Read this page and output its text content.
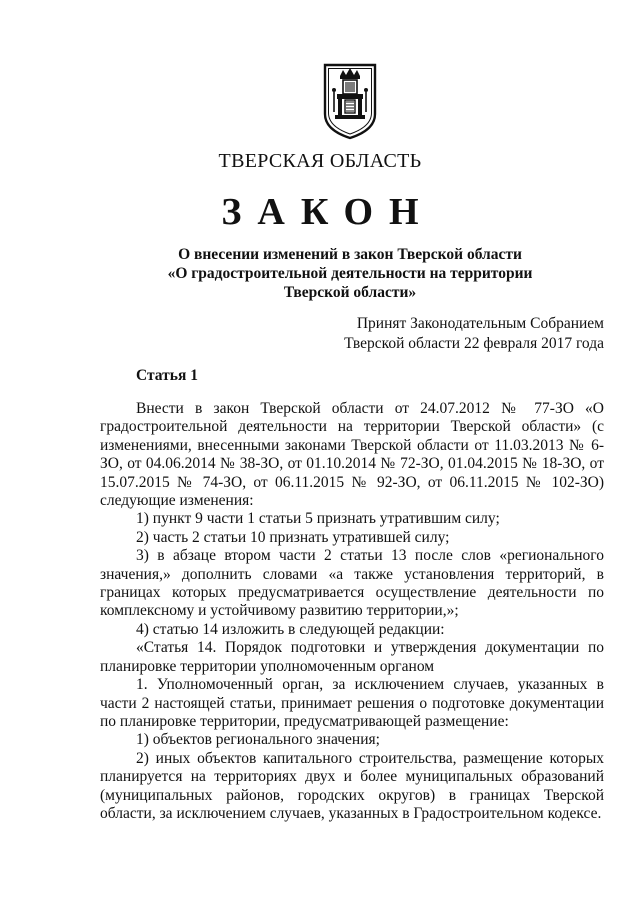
ТВЕРСКАЯ ОБЛАСТЬ
ЗАКОН
О внесении изменений в закон Тверской области
«О градостроительной деятельности на территории
Тверской области»
Принят Законодательным Собранием
Тверской области 22 февраля 2017 года
Статья 1

Внести в закон Тверской области от 24.07.2012 № 77-ЗО «О градостроительной деятельности на территории Тверской области» (с изменениями, внесенными законами Тверской области от 11.03.2013 № 6-ЗО, от 04.06.2014 № 38-ЗО, от 01.10.2014 № 72-ЗО, 01.04.2015 № 18-ЗО, от 15.07.2015 № 74-ЗО, от 06.11.2015 № 92-ЗО, от 06.11.2015 № 102-ЗО) следующие изменения:

1) пункт 9 части 1 статьи 5 признать утратившим силу;

2) часть 2 статьи 10 признать утратившей силу;

3) в абзаце втором части 2 статьи 13 после слов «регионального значения,» дополнить словами «а также установления территорий, в границах которых предусматривается осуществление деятельности по комплексному и устойчивому развитию территории,»;

4) статью 14 изложить в следующей редакции:

«Статья 14. Порядок подготовки и утверждения документации по планировке территории уполномоченным органом

1. Уполномоченный орган, за исключением случаев, указанных в части 2 настоящей статьи, принимает решения о подготовке документации по планировке территории, предусматривающей размещение:

1) объектов регионального значения;

2) иных объектов капитального строительства, размещение которых планируется на территориях двух и более муниципальных образований (муниципальных районов, городских округов) в границах Тверской области, за исключением случаев, указанных в Градостроительном кодексе.
